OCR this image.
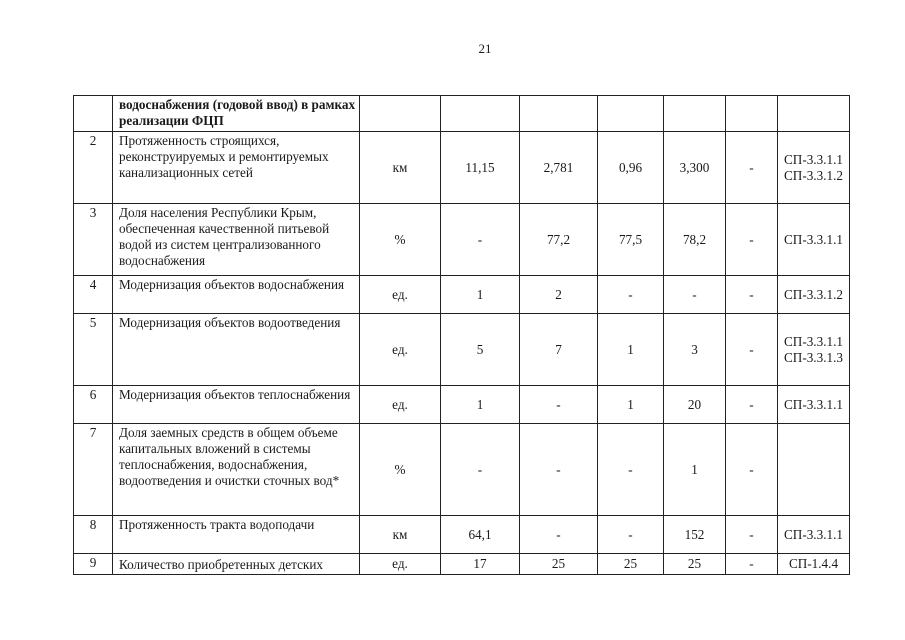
21
	водоснабжения (годовой ввод) в рамках реализации ФЦП							
2	Протяженность строящихся, реконструируемых и ремонтируемых канализационных сетей	км	11,15	2,781	0,96	3,300	-	СП-3.3.1.1
СП-3.3.1.2

3	Доля населения Республики Крым, обеспеченная качественной питьевой водой из систем централизованного водоснабжения	%	-	77,2	77,5	78,2	-	СП-3.3.1.1

4	Модернизация объектов водоснабжения	ед.	1	2	-	-	-	СП-3.3.1.2

5	Модернизация объектов водоотведения	ед.	5	7	1	3	-	СП-3.3.1.1
СП-3.3.1.3

6	Модернизация объектов теплоснабжения	ед.	1	-	1	20	-	СП-3.3.1.1

7	Доля заемных средств в общем объеме капитальных вложений в системы теплоснабжения, водоснабжения, водоотведения и очистки сточных вод*	%	-	-	-	1	-	
8	Протяженность тракта водоподачи	км	64,1	-	-	152	-	СП-3.3.1.1

9	Количество приобретенных детских	ед.	17	25	25	25	-	СП-1.4.4
